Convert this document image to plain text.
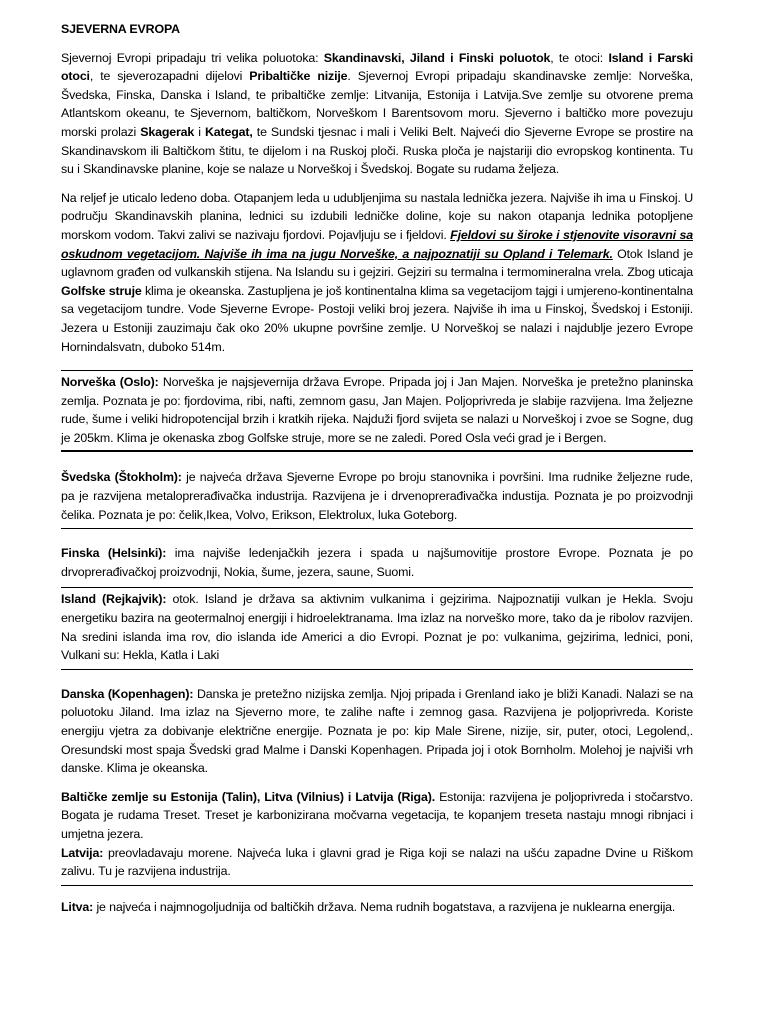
SJEVERNA EVROPA

Sjevernoj Evropi pripadaju tri velika poluotoka: Skandinavski, Jiland i Finski poluotok, te otoci: Island i Farski otoci, te sjeverozapadni dijelovi Pribaltičke nizije. Sjevernoj Evropi pripadaju skandinavske zemlje: Norveška, Švedska, Finska, Danska i Island, te pribaltičke zemlje: Litvanija, Estonija i Latvija.Sve zemlje su otvorene prema Atlantskom okeanu, te Sjevernom, baltičkom, Norveškom I Barentsovom moru. Sjeverno i baltičko more povezuju morski prolazi Skagerak i Kategat, te Sundski tjesnac i mali i Veliki Belt. Najveći dio Sjeverne Evrope se prostire na Skandinavskom ili Baltičkom štitu, te dijelom i na Ruskoj ploči. Ruska ploča je najstariji dio evropskog kontinenta. Tu su i Skandinavske planine, koje se nalaze u Norveškoj i Švedskoj. Bogate su rudama željeza.

Na reljef je uticalo ledeno doba. Otapanjem leda u udubljenjima su nastala lednička jezera. Najviše ih ima u Finskoj. U području Skandinavskih planina, lednici su izdubili ledničke doline, koje su nakon otapanja lednika potopljene morskom vodom. Takvi zalivi se nazivaju fjordovi. Pojavljuju se i fjeldovi. Fjeldovi su široke i stjenovite visoravni sa oskudnom vegetacijom. Najviše ih ima na jugu Norveške, a najpoznatiji su Opland i Telemark. Otok Island je uglavnom građen od vulkanskih stijena. Na Islandu su i gejziri. Gejziri su termalna i termomineralna vrela. Zbog uticaja Golfske struje klima je okeanska. Zastupljena je još kontinentalna klima sa vegetacijom tajgi i umjereno-kontinentalna sa vegetacijom tundre. Vode Sjeverne Evrope- Postoji veliki broj jezera. Najviše ih ima u Finskoj, Švedskoj i Estoniji. Jezera u Estoniji zauzimaju čak oko 20% ukupne površine zemlje. U Norveškoj se nalazi i najdublje jezero Evrope Hornindalsvatn, duboko 514m.

Norveška (Oslo): Norveška je najsjevernija država Evrope. Pripada joj i Jan Majen. Norveška je pretežno planinska zemlja. Poznata je po: fjordovima, ribi, nafti, zemnom gasu, Jan Majen. Poljoprivreda je slabije razvijena. Ima željezne rude, šume i veliki hidropotencijal brzih i kratkih rijeka. Najduži fjord svijeta se nalazi u Norveškoj i zvoe se Sogne, dug je 205km. Klima je okenaska zbog Golfske struje, more se ne zaledi. Pored Osla veći grad je i Bergen.

Švedska (Štokholm): je najveća država Sjeverne Evrope po broju stanovnika i površini. Ima rudnike željezne rude, pa je razvijena metaloprerađivačka industrija. Razvijena je i drvenoprerađivačka industija. Poznata je po proizvodnji čelika. Poznata je po: čelik,Ikea, Volvo, Erikson, Elektrolux, luka Goteborg.

Finska (Helsinki): ima najviše ledenjačkih jezera i spada u najšumovitije prostore Evrope. Poznata je po drvoprerađivačkoj proizvodnji, Nokia, šume, jezera, saune, Suomi.

Island (Rejkajvik): otok. Island je država sa aktivnim vulkanima i gejzirima. Najpoznatiji vulkan je Hekla. Svoju energetiku bazira na geotermalnoj energiji i hidroelektranama. Ima izlaz na norveško more, tako da je ribolov razvijen. Na sredini islanda ima rov, dio islanda ide Americi a dio Evropi. Poznat je po: vulkanima, gejzirima, lednici, poni, Vulkani su: Hekla, Katla i Laki

Danska (Kopenhagen): Danska je pretežno nizijska zemlja. Njoj pripada i Grenland iako je bliži Kanadi. Nalazi se na poluotoku Jiland. Ima izlaz na Sjeverno more, te zalihe nafte i zemnog gasa. Razvijena je poljoprivreda. Koriste energiju vjetra za dobivanje električne energije. Poznata je po: kip Male Sirene, nizije, sir, puter, otoci, Legolend,. Oresundski most spaja Švedski grad Malme i Danski Kopenhagen. Pripada joj i otok Bornholm. Molehoj je najviši vrh danske. Klima je okeanska.

Baltičke zemlje su Estonija (Talin), Litva (Vilnius) i Latvija (Riga). Estonija: razvijena je poljoprivreda i stočarstvo. Bogata je rudama Treset. Treset je karbonizirana močvarna vegetacija, te kopanjem treseta nastaju mnogi ribnjaci i umjetna jezera.

Latvija: preovladavaju morene. Najveća luka i glavni grad je Riga koji se nalazi na ušću zapadne Dvine u Riškom zalivu. Tu je razvijena industrija.

Litva: je najveća i najmnogoljudnija od baltičkih država. Nema rudnih bogatstava, a razvijena je nuklearna energija.
